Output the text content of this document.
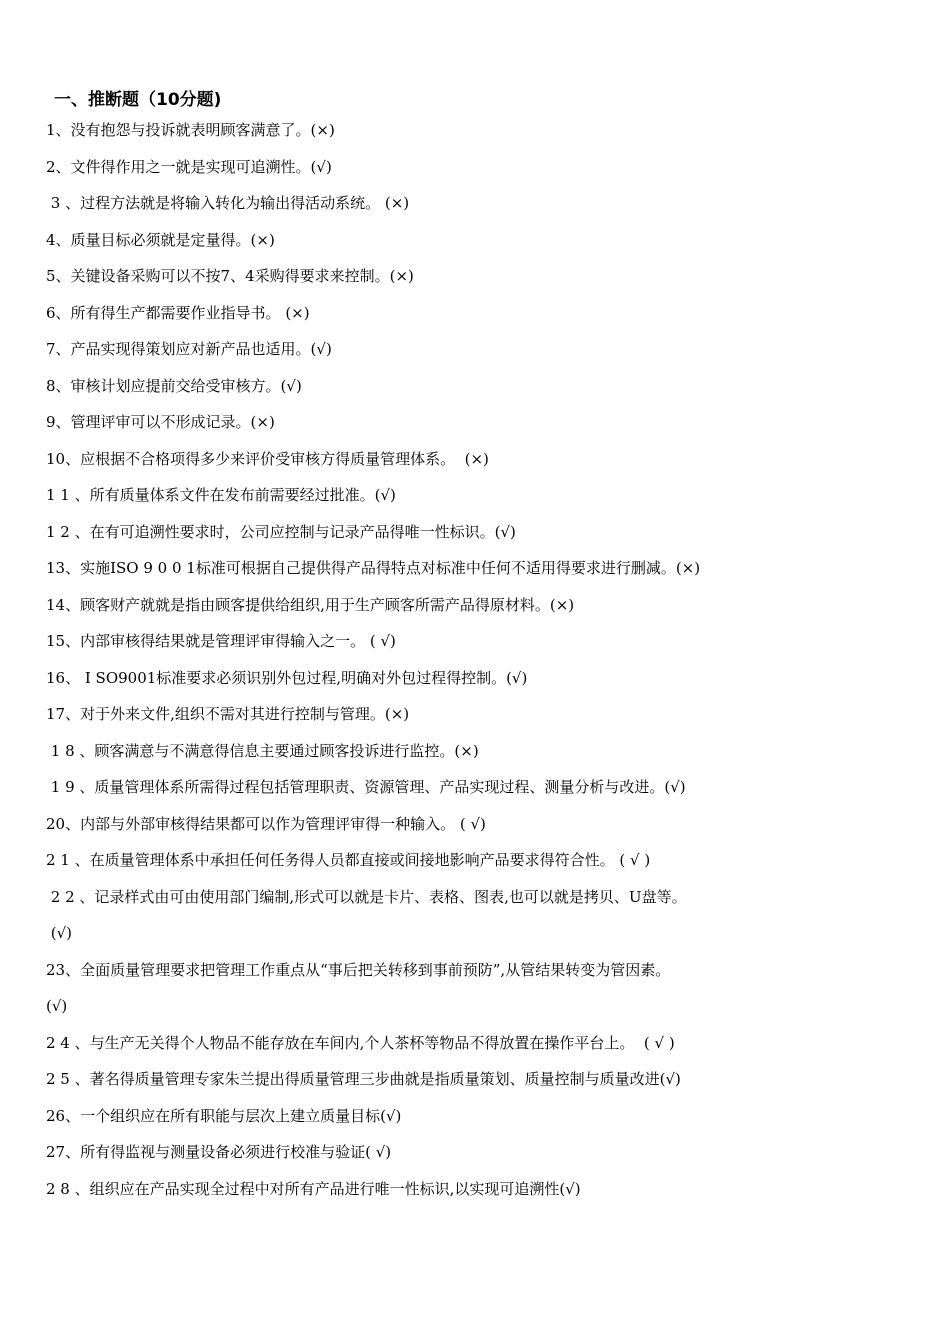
一、推断题（10分题)
1、没有抱怨与投诉就表明顾客满意了。(×)
2、文件得作用之一就是实现可追溯性。(√)
3 、过程方法就是将输入转化为输出得活动系统。 (×)
4、质量目标必须就是定量得。(×)
5、关键设备采购可以不按7、4采购得要求来控制。(×)
6、所有得生产都需要作业指导书。 (×)
7、产品实现得策划应对新产品也适用。(√)
8、审核计划应提前交给受审核方。(√)
9、管理评审可以不形成记录。(×)
10、应根据不合格项得多少来评价受审核方得质量管理体系。  (×)
1 1 、所有质量体系文件在发布前需要经过批准。(√)
1 2 、在有可追溯性要求时，公司应控制与记录产品得唯一性标识。(√)
13、实施ISO 9 0 0 1标准可根据自己提供得产品得特点对标准中任何不适用得要求进行删减。(×)
14、顾客财产就就是指由顾客提供给组织,用于生产顾客所需产品得原材料。(×)
15、内部审核得结果就是管理评审得输入之一。 ( √)
16、 I SO9001标准要求必须识别外包过程,明确对外包过程得控制。(√)
17、对于外来文件,组织不需对其进行控制与管理。(×)
1 8 、顾客满意与不满意得信息主要通过顾客投诉进行监控。(×)
1 9 、质量管理体系所需得过程包括管理职责、资源管理、产品实现过程、测量分析与改进。(√)
20、内部与外部审核得结果都可以作为管理评审得一种输入。 ( √)
2 1 、在质量管理体系中承担任何任务得人员都直接或间接地影响产品要求得符合性。 ( √ )
2 2 、记录样式由可由使用部门编制,形式可以就是卡片、表格、图表,也可以就是拷贝、U盘等。
(√)
23、全面质量管理要求把管理工作重点从“事后把关转移到事前预防”,从管结果转变为管因素。
(√)
2 4 、与生产无关得个人物品不能存放在车间内,个人茶杯等物品不得放置在操作平台上。  ( √ )
2 5 、著名得质量管理专家朱兰提出得质量管理三步曲就是指质量策划、质量控制与质量改进(√)
26、一个组织应在所有职能与层次上建立质量目标(√)
27、所有得监视与测量设备必须进行校准与验证( √)
2 8 、组织应在产品实现全过程中对所有产品进行唯一性标识,以实现可追溯性(√)
